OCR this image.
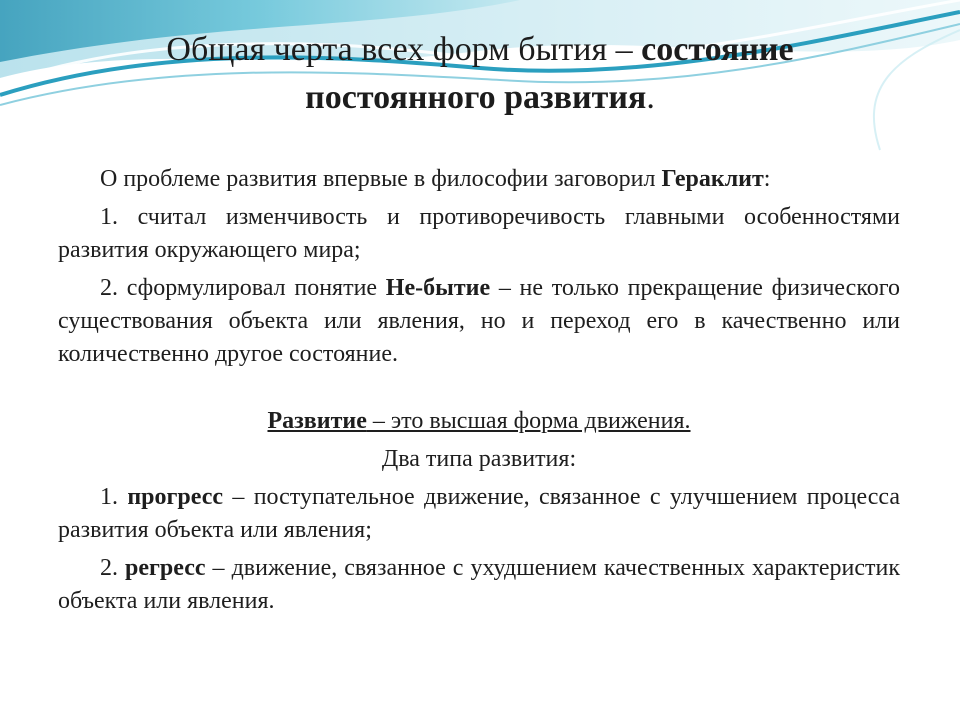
Общая черта всех форм бытия – состояние
постоянного развития.

О проблеме развития впервые в философии заговорил Гераклит:

1. считал изменчивость и противоречивость главными особенностями развития окружающего мира;

2. сформулировал понятие Не-бытие – не только прекращение физического существования объекта или явления, но и переход его в качественно или количественно другое состояние.

Развитие – это высшая форма движения.

Два типа развития:

1. прогресс – поступательное движение, связанное с улучшением процесса развития объекта или явления;

2. регресс – движение, связанное с ухудшением качественных характеристик объекта или явления.
